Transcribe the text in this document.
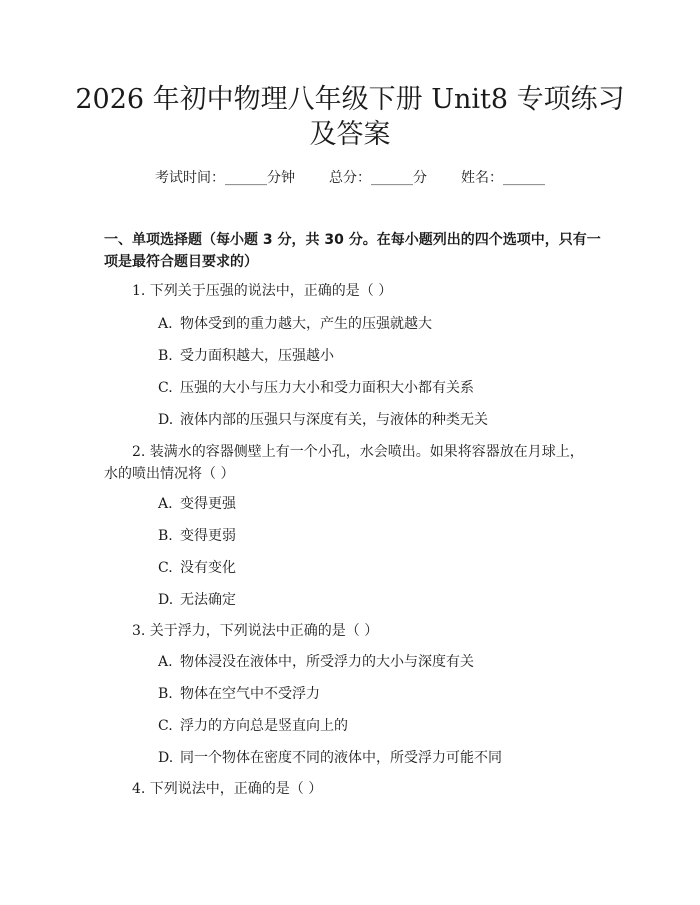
2026 年初中物理八年级下册 Unit8 专项练习
及答案
考试时间：______分钟 总分：______分 姓名：______
一、单项选择题（每小题 3 分，共 30 分。在每小题列出的四个选项中，只有一项是最符合题目要求的）
1. 下列关于压强的说法中，正确的是（ ）
A. 物体受到的重力越大，产生的压强就越大
B. 受力面积越大，压强越小
C. 压强的大小与压力大小和受力面积大小都有关系
D. 液体内部的压强只与深度有关，与液体的种类无关
2. 装满水的容器侧壁上有一个小孔，水会喷出。如果将容器放在月球上，水的喷出情况将（ ）
A. 变得更强
B. 变得更弱
C. 没有变化
D. 无法确定
3. 关于浮力，下列说法中正确的是（ ）
A. 物体浸没在液体中，所受浮力的大小与深度有关
B. 物体在空气中不受浮力
C. 浮力的方向总是竖直向上的
D. 同一个物体在密度不同的液体中，所受浮力可能不同
4. 下列说法中，正确的是（ ）
